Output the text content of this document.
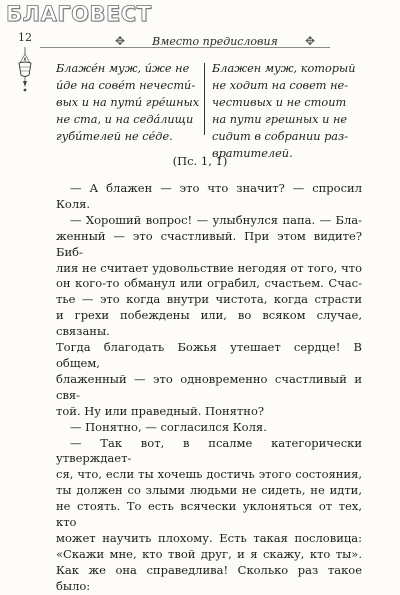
БЛАГОВЕСТ
12	✥	Вместо предисловия	✥
Блаже́н муж, и́же не
и́де на сове́т нечести́-
вых и на пути́ гре́шных
не ста, и на седа́лищи
губи́телей не се́де.
Блажен муж, который
не ходит на совет не-
честивых и не стоит
на пути грешных и не
сидит в собрании раз-
вратителей.
(Пс. 1, 1)
— А блажен — это что значит? — спросил Коля.
— Хороший вопрос! — улыбнулся папа. — Бла-
женный — это счастливый. При этом видите? Биб-
лия не считает удовольствие негодяя от того, что
он кого-то обманул или ограбил, счастьем. Счас-
тье — это когда внутри чистота, когда страсти
и грехи побеждены или, во всяком случае, связаны.
Тогда благодать Божья утешает сердце! В общем,
блаженный — это одновременно счастливый и свя-
той. Ну или праведный. Понятно?
— Понятно, — согласился Коля.
— Так вот, в псалме категорически утверждает-
ся, что, если ты хочешь достичь этого состояния,
ты должен со злыми людьми не сидеть, не идти,
не стоять. То есть всячески уклоняться от тех, кто
может научить плохому. Есть такая пословица:
«Скажи мне, кто твой друг, и я скажу, кто ты».
Как же она справедлива! Сколько раз такое было:
